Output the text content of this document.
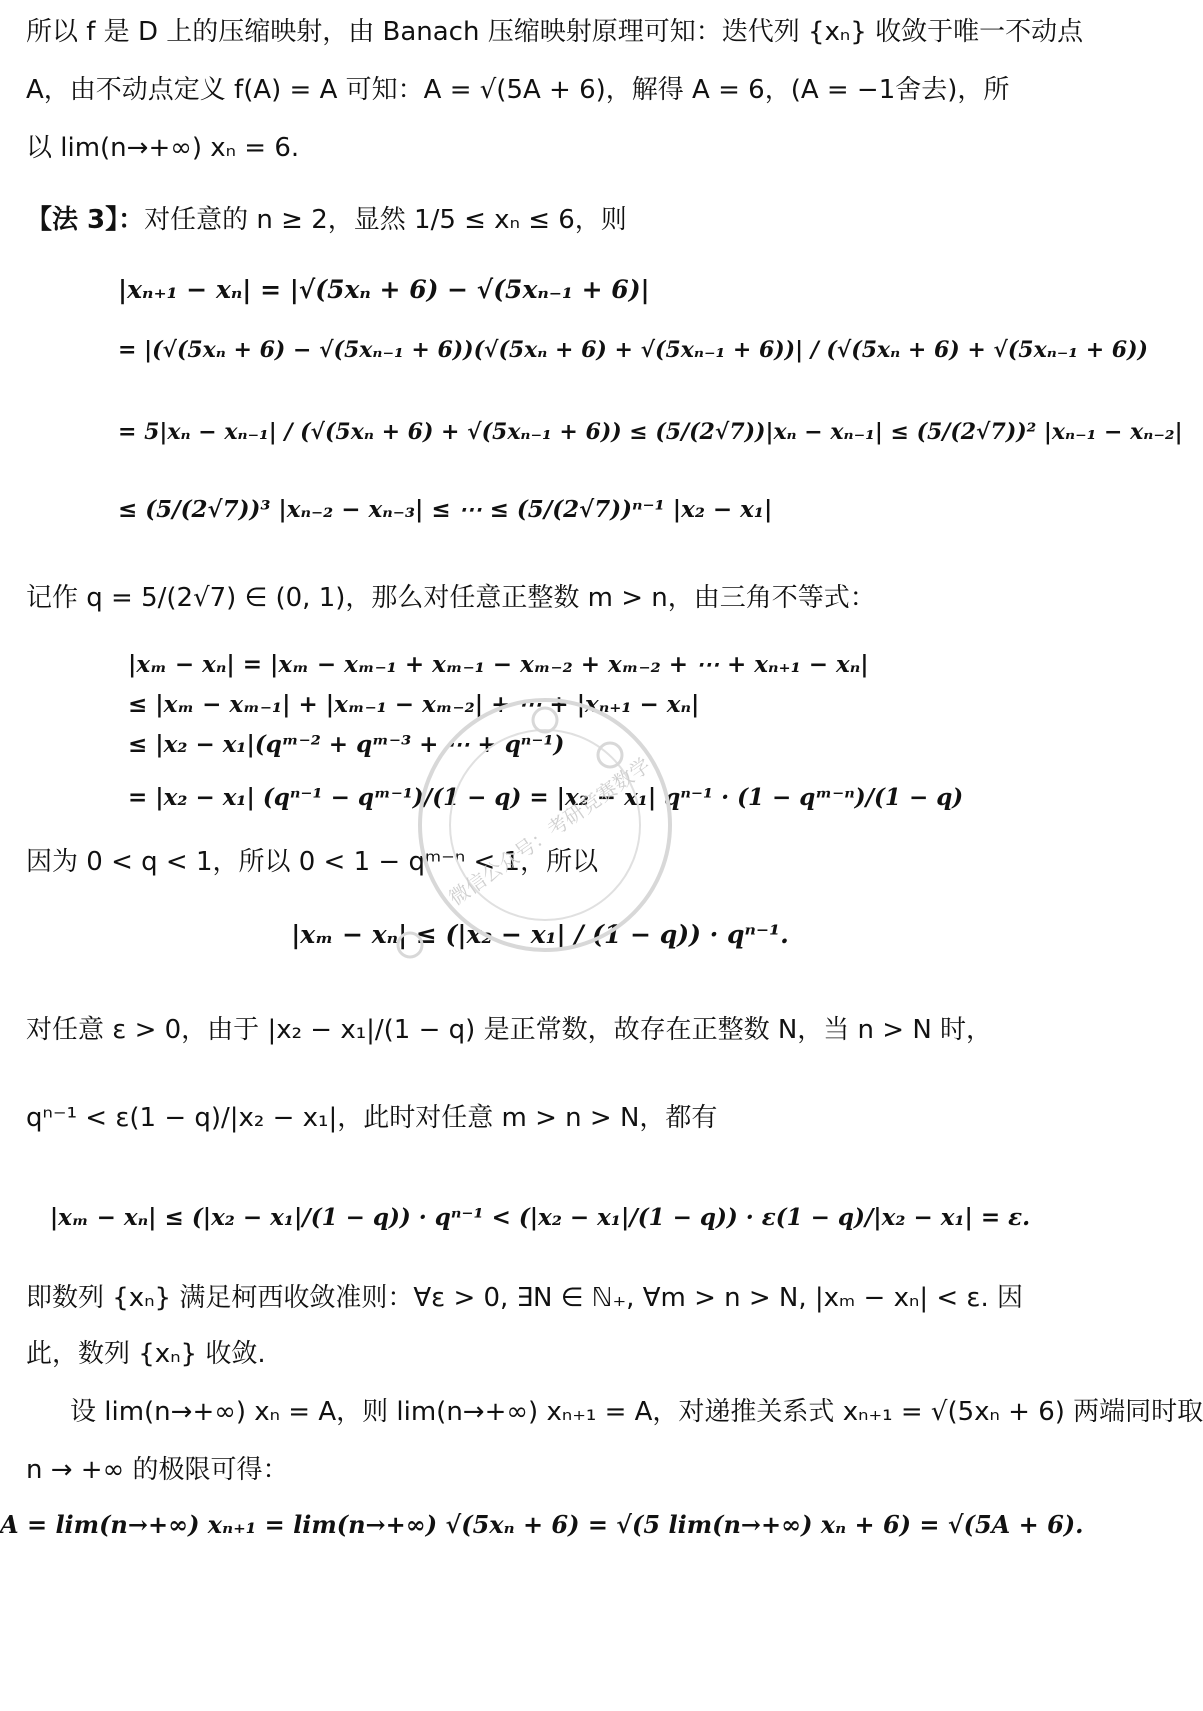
所以 f 是 D 上的压缩映射，由 Banach 压缩映射原理可知：迭代列 {xₙ} 收敛于唯一不动点
A，由不动点定义 f(A) = A 可知：A = √(5A + 6)，解得 A = 6，(A = −1舍去)，所
以 lim(n→+∞) xₙ = 6.
【法 3】：对任意的 n ≥ 2，显然 1/5 ≤ xₙ ≤ 6，则
|xₙ₊₁ − xₙ| = |√(5xₙ + 6) − √(5xₙ₋₁ + 6)|
= |(√(5xₙ + 6) − √(5xₙ₋₁ + 6))(√(5xₙ + 6) + √(5xₙ₋₁ + 6))| / (√(5xₙ + 6) + √(5xₙ₋₁ + 6))
= 5|xₙ − xₙ₋₁| / (√(5xₙ + 6) + √(5xₙ₋₁ + 6)) ≤ (5/(2√7))|xₙ − xₙ₋₁| ≤ (5/(2√7))² |xₙ₋₁ − xₙ₋₂|
≤ (5/(2√7))³ |xₙ₋₂ − xₙ₋₃| ≤ ⋯ ≤ (5/(2√7))ⁿ⁻¹ |x₂ − x₁|
记作 q = 5/(2√7) ∈ (0, 1)，那么对任意正整数 m > n，由三角不等式：
|xₘ − xₙ| = |xₘ − xₘ₋₁ + xₘ₋₁ − xₘ₋₂ + xₘ₋₂ + ⋯ + xₙ₊₁ − xₙ|
≤ |xₘ − xₘ₋₁| + |xₘ₋₁ − xₘ₋₂| + ⋯ + |xₙ₊₁ − xₙ|
≤ |x₂ − x₁|(qᵐ⁻² + qᵐ⁻³ + ⋯ + qⁿ⁻¹)
= |x₂ − x₁| (qⁿ⁻¹ − qᵐ⁻¹)/(1 − q) = |x₂ − x₁| qⁿ⁻¹ · (1 − qᵐ⁻ⁿ)/(1 − q)
因为 0 < q < 1，所以 0 < 1 − qᵐ⁻ⁿ < 1，所以
|xₘ − xₙ| ≤ (|x₂ − x₁| / (1 − q)) · qⁿ⁻¹.
对任意 ε > 0，由于 |x₂ − x₁|/(1 − q) 是正常数，故存在正整数 N，当 n > N 时，
qⁿ⁻¹ < ε(1 − q)/|x₂ − x₁|，此时对任意 m > n > N，都有
|xₘ − xₙ| ≤ (|x₂ − x₁|/(1 − q)) · qⁿ⁻¹ < (|x₂ − x₁|/(1 − q)) · ε(1 − q)/|x₂ − x₁| = ε.
即数列 {xₙ} 满足柯西收敛准则：∀ε > 0, ∃N ∈ ℕ₊, ∀m > n > N, |xₘ − xₙ| < ε. 因
此，数列 {xₙ} 收敛.
设 lim(n→+∞) xₙ = A，则 lim(n→+∞) xₙ₊₁ = A，对递推关系式 xₙ₊₁ = √(5xₙ + 6) 两端同时取
n → +∞ 的极限可得：
A = lim(n→+∞) xₙ₊₁ = lim(n→+∞) √(5xₙ + 6) = √(5 lim(n→+∞) xₙ + 6) = √(5A + 6).
微信公众号：考研竞赛数学
